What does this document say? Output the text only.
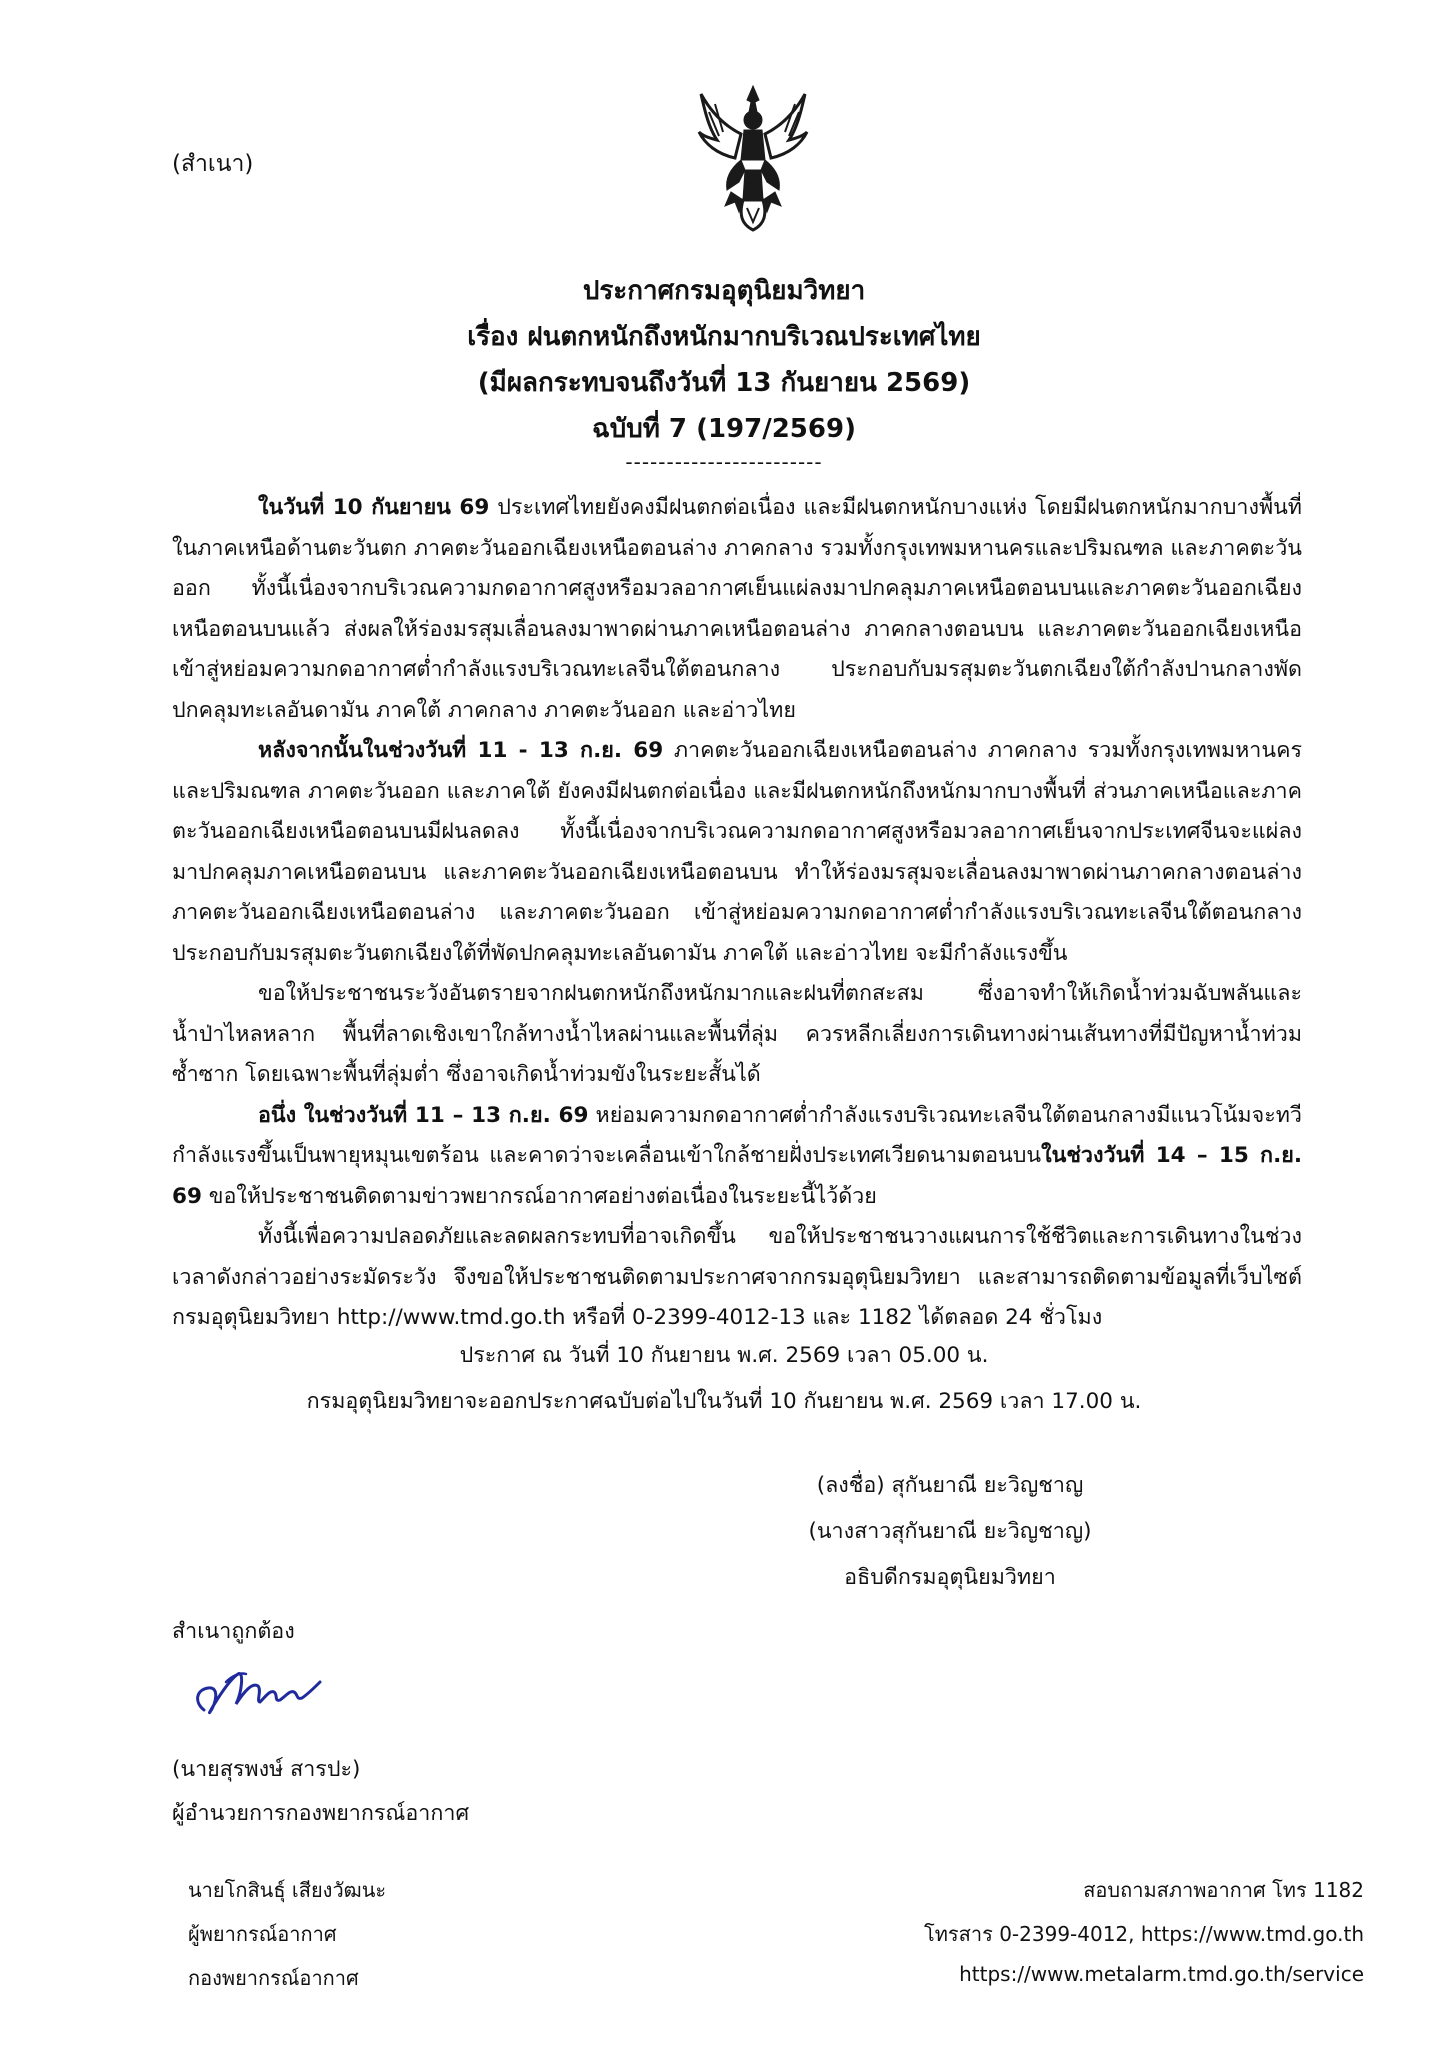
(สำเนา)
ประกาศกรมอุตุนิยมวิทยา
เรื่อง ฝนตกหนักถึงหนักมากบริเวณประเทศไทย
(มีผลกระทบจนถึงวันที่ 13 กันยายน 2569)
ฉบับที่ 7 (197/2569)
------------------------

ในวันที่ 10 กันยายน 69 ประเทศไทยยังคงมีฝนตกต่อเนื่อง และมีฝนตกหนักบางแห่ง โดยมีฝนตกหนักมากบางพื้นที่ในภาคเหนือด้านตะวันตก ภาคตะวันออกเฉียงเหนือตอนล่าง ภาคกลาง รวมทั้งกรุงเทพมหานครและปริมณฑล และภาคตะวันออก ทั้งนี้เนื่องจากบริเวณความกดอากาศสูงหรือมวลอากาศเย็นแผ่ลงมาปกคลุมภาคเหนือตอนบนและภาคตะวันออกเฉียงเหนือตอนบนแล้ว ส่งผลให้ร่องมรสุมเลื่อนลงมาพาดผ่านภาคเหนือตอนล่าง ภาคกลางตอนบน และภาคตะวันออกเฉียงเหนือ เข้าสู่หย่อมความกดอากาศต่ำกำลังแรงบริเวณทะเลจีนใต้ตอนกลาง ประกอบกับมรสุมตะวันตกเฉียงใต้กำลังปานกลางพัดปกคลุมทะเลอันดามัน ภาคใต้ ภาคกลาง ภาคตะวันออก และอ่าวไทย

หลังจากนั้นในช่วงวันที่ 11 - 13 ก.ย. 69 ภาคตะวันออกเฉียงเหนือตอนล่าง ภาคกลาง รวมทั้งกรุงเทพมหานครและปริมณฑล ภาคตะวันออก และภาคใต้ ยังคงมีฝนตกต่อเนื่อง และมีฝนตกหนักถึงหนักมากบางพื้นที่ ส่วนภาคเหนือและภาคตะวันออกเฉียงเหนือตอนบนมีฝนลดลง ทั้งนี้เนื่องจากบริเวณความกดอากาศสูงหรือมวลอากาศเย็นจากประเทศจีนจะแผ่ลงมาปกคลุมภาคเหนือตอนบน และภาคตะวันออกเฉียงเหนือตอนบน ทำให้ร่องมรสุมจะเลื่อนลงมาพาดผ่านภาคกลางตอนล่าง ภาคตะวันออกเฉียงเหนือตอนล่าง และภาคตะวันออก เข้าสู่หย่อมความกดอากาศต่ำกำลังแรงบริเวณทะเลจีนใต้ตอนกลาง ประกอบกับมรสุมตะวันตกเฉียงใต้ที่พัดปกคลุมทะเลอันดามัน ภาคใต้ และอ่าวไทย จะมีกำลังแรงขึ้น

ขอให้ประชาชนระวังอันตรายจากฝนตกหนักถึงหนักมากและฝนที่ตกสะสม ซึ่งอาจทำให้เกิดน้ำท่วมฉับพลันและน้ำป่าไหลหลาก พื้นที่ลาดเชิงเขาใกล้ทางน้ำไหลผ่านและพื้นที่ลุ่ม ควรหลีกเลี่ยงการเดินทางผ่านเส้นทางที่มีปัญหาน้ำท่วมซ้ำซาก โดยเฉพาะพื้นที่ลุ่มต่ำ ซึ่งอาจเกิดน้ำท่วมขังในระยะสั้นได้

อนึ่ง ในช่วงวันที่ 11 – 13 ก.ย. 69 หย่อมความกดอากาศต่ำกำลังแรงบริเวณทะเลจีนใต้ตอนกลางมีแนวโน้มจะทวีกำลังแรงขึ้นเป็นพายุหมุนเขตร้อน และคาดว่าจะเคลื่อนเข้าใกล้ชายฝั่งประเทศเวียดนามตอนบนในช่วงวันที่ 14 – 15 ก.ย. 69 ขอให้ประชาชนติดตามข่าวพยากรณ์อากาศอย่างต่อเนื่องในระยะนี้ไว้ด้วย

ทั้งนี้เพื่อความปลอดภัยและลดผลกระทบที่อาจเกิดขึ้น ขอให้ประชาชนวางแผนการใช้ชีวิตและการเดินทางในช่วงเวลาดังกล่าวอย่างระมัดระวัง จึงขอให้ประชาชนติดตามประกาศจากกรมอุตุนิยมวิทยา และสามารถติดตามข้อมูลที่เว็บไซต์กรมอุตุนิยมวิทยา http://www.tmd.go.th หรือที่ 0-2399-4012-13 และ 1182 ได้ตลอด 24 ชั่วโมง

ประกาศ ณ วันที่ 10 กันยายน พ.ศ. 2569 เวลา 05.00 น.
กรมอุตุนิยมวิทยาจะออกประกาศฉบับต่อไปในวันที่ 10 กันยายน พ.ศ. 2569 เวลา 17.00 น.
(ลงชื่อ) สุกันยาณี ยะวิญชาญ
(นางสาวสุกันยาณี ยะวิญชาญ)
อธิบดีกรมอุตุนิยมวิทยา
สำเนาถูกต้อง
(นายสุรพงษ์ สารปะ)
ผู้อำนวยการกองพยากรณ์อากาศ
นายโกสินธุ์ เสียงวัฒนะ
ผู้พยากรณ์อากาศ
กองพยากรณ์อากาศ
สอบถามสภาพอากาศ โทร 1182
โทรสาร 0-2399-4012, https://www.tmd.go.th
https://www.metalarm.tmd.go.th/service
